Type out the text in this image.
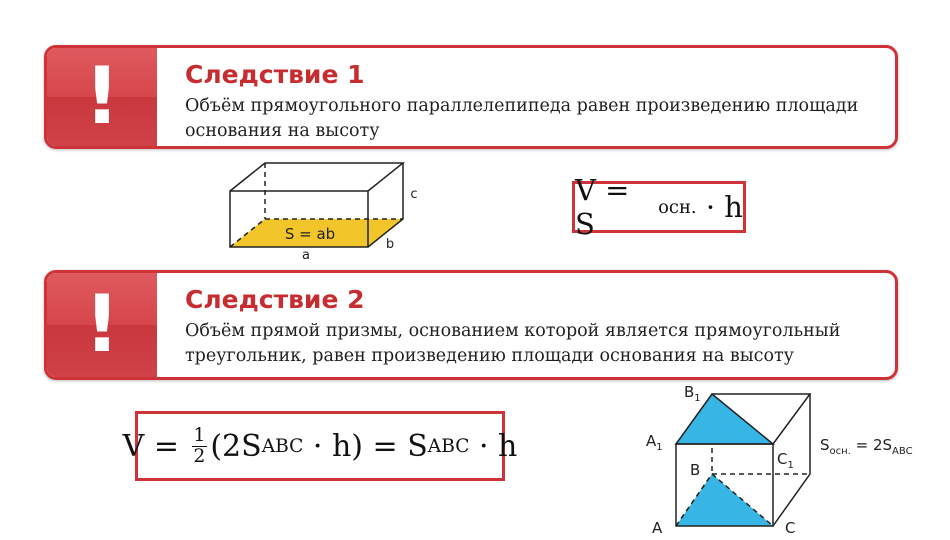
!	Следствие 1
Объём прямоугольного параллелепипеда равен произведению площади основания на высоту
S = ab
a
b
c	V = S	осн. · h
!	Следствие 2
Объём прямой призмы, основанием которой является прямоугольный треугольник, равен произведению площади основания на высоту
$V = \frac{1}{2} (2S$ ABC · h) = S ABC · h
$B_1$
$A_1$
$C_1$
B
A	C
$S_{осн.} = 2S_{ABC}$
